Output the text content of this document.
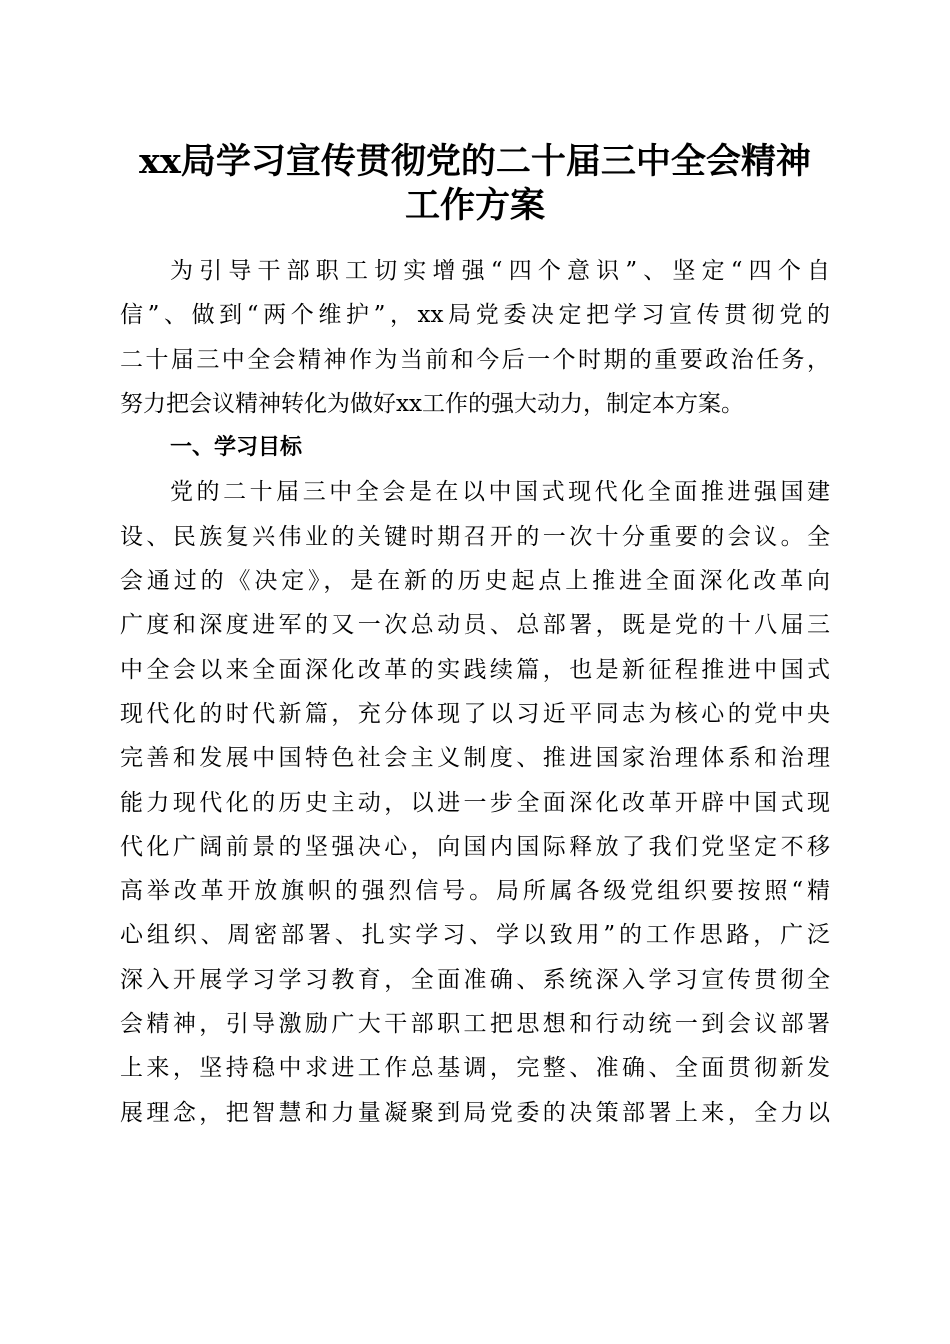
xx局学习宣传贯彻党的二十届三中全会精神
工作方案
为引导干部职工切实增强“四个意识”、坚定“四个自
信”、做到“两个维护”，xx局党委决定把学习宣传贯彻党的
二十届三中全会精神作为当前和今后一个时期的重要政治任务，
努力把会议精神转化为做好xx工作的强大动力，制定本方案。
一、学习目标
党的二十届三中全会是在以中国式现代化全面推进强国建
设、民族复兴伟业的关键时期召开的一次十分重要的会议。全
会通过的《决定》，是在新的历史起点上推进全面深化改革向
广度和深度进军的又一次总动员、总部署，既是党的十八届三
中全会以来全面深化改革的实践续篇，也是新征程推进中国式
现代化的时代新篇，充分体现了以习近平同志为核心的党中央
完善和发展中国特色社会主义制度、推进国家治理体系和治理
能力现代化的历史主动，以进一步全面深化改革开辟中国式现
代化广阔前景的坚强决心，向国内国际释放了我们党坚定不移
高举改革开放旗帜的强烈信号。局所属各级党组织要按照“精
心组织、周密部署、扎实学习、学以致用”的工作思路，广泛
深入开展学习学习教育，全面准确、系统深入学习宣传贯彻全
会精神，引导激励广大干部职工把思想和行动统一到会议部署
上来，坚持稳中求进工作总基调，完整、准确、全面贯彻新发
展理念，把智慧和力量凝聚到局党委的决策部署上来，全力以
